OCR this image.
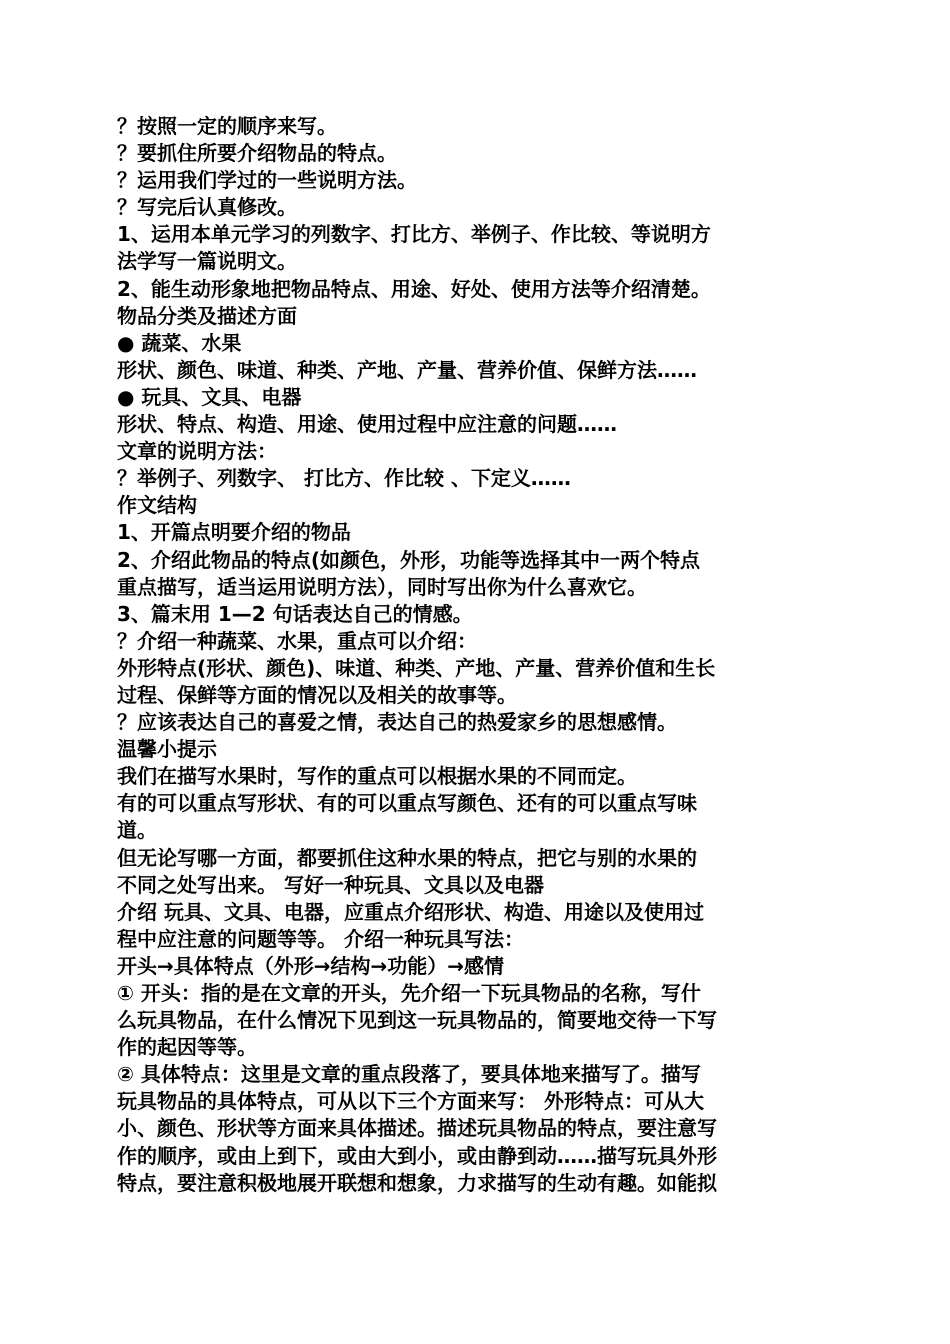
？按照一定的顺序来写。
？要抓住所要介绍物品的特点。
？运用我们学过的一些说明方法。
？写完后认真修改。
1、运用本单元学习的列数字、打比方、举例子、作比较、等说明方
法学写一篇说明文。
2、能生动形象地把物品特点、用途、好处、使用方法等介绍清楚。
物品分类及描述方面
● 蔬菜、水果
形状、颜色、味道、种类、产地、产量、营养价值、保鲜方法……
● 玩具、文具、电器
形状、特点、构造、用途、使用过程中应注意的问题……
文章的说明方法：
？举例子、列数字、 打比方、作比较 、下定义……
作文结构
1、开篇点明要介绍的物品
2、介绍此物品的特点(如颜色，外形，功能等选择其中一两个特点
重点描写，适当运用说明方法），同时写出你为什么喜欢它。
3、篇末用 1—2 句话表达自己的情感。
？介绍一种蔬菜、水果，重点可以介绍：
外形特点(形状、颜色)、味道、种类、产地、产量、营养价值和生长
过程、保鲜等方面的情况以及相关的故事等。
？应该表达自己的喜爱之情，表达自己的热爱家乡的思想感情。
温馨小提示
我们在描写水果时，写作的重点可以根据水果的不同而定。
有的可以重点写形状、有的可以重点写颜色、还有的可以重点写味
道。
但无论写哪一方面，都要抓住这种水果的特点，把它与别的水果的
不同之处写出来。 写好一种玩具、文具以及电器
介绍 玩具、文具、电器，应重点介绍形状、构造、用途以及使用过
程中应注意的问题等等。 介绍一种玩具写法：
开头→具体特点（外形→结构→功能）→感情
① 开头：指的是在文章的开头，先介绍一下玩具物品的名称，写什
么玩具物品，在什么情况下见到这一玩具物品的，简要地交待一下写
作的起因等等。
② 具体特点：这里是文章的重点段落了，要具体地来描写了。描写
玩具物品的具体特点，可从以下三个方面来写： 外形特点：可从大
小、颜色、形状等方面来具体描述。描述玩具物品的特点，要注意写
作的顺序，或由上到下，或由大到小，或由静到动……描写玩具外形
特点，要注意积极地展开联想和想象，力求描写的生动有趣。如能拟
